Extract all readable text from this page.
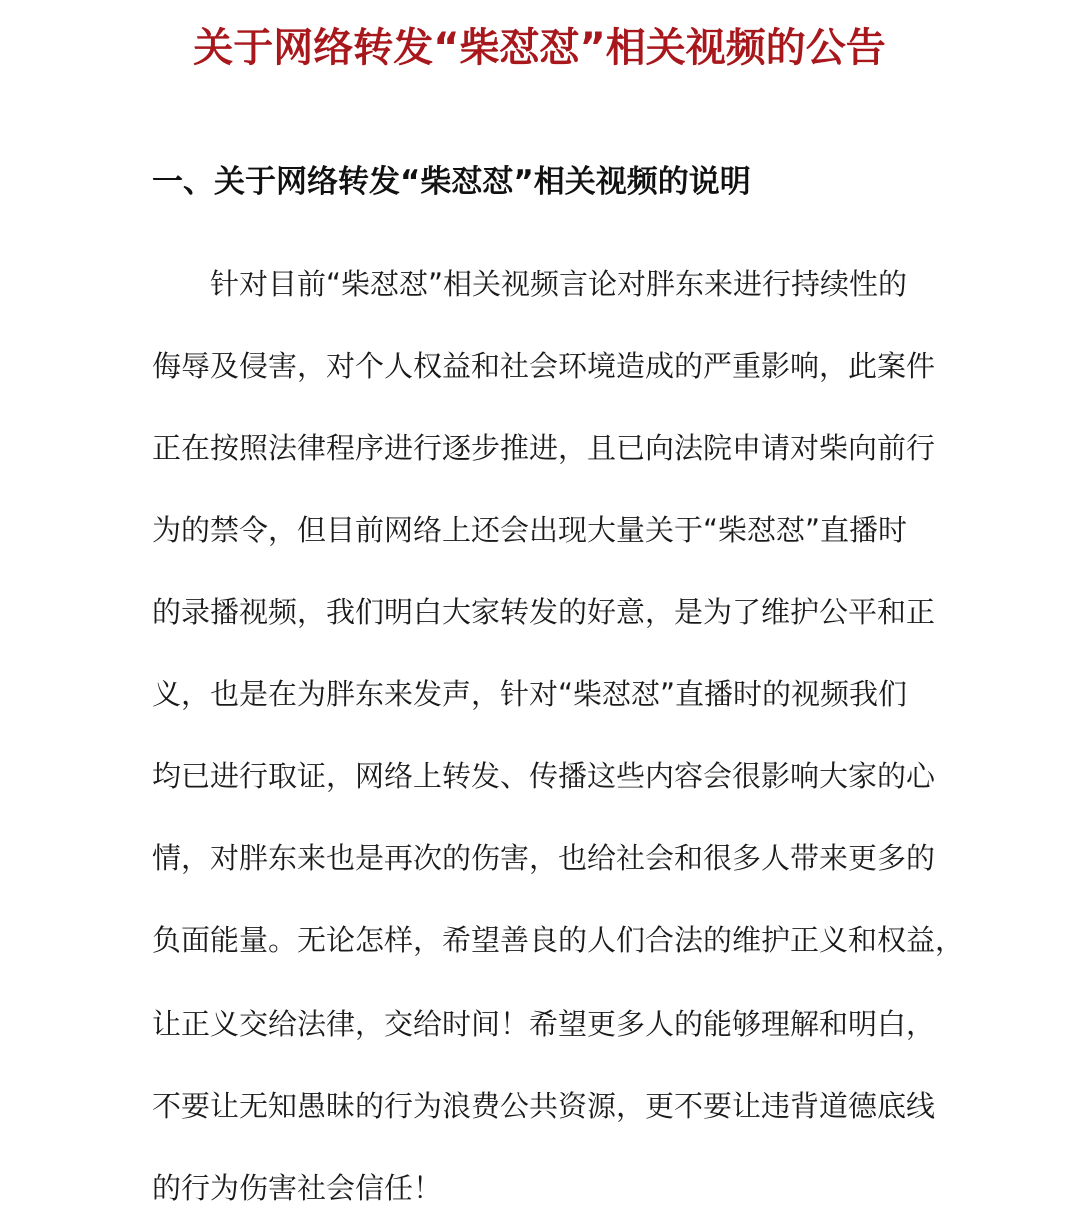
关于网络转发“柴怼怼”相关视频的公告
一、关于网络转发“柴怼怼”相关视频的说明
针对目前“柴怼怼”相关视频言论对胖东来进行持续性的
侮辱及侵害，对个人权益和社会环境造成的严重影响，此案件
正在按照法律程序进行逐步推进，且已向法院申请对柴向前行
为的禁令，但目前网络上还会出现大量关于“柴怼怼”直播时
的录播视频，我们明白大家转发的好意，是为了维护公平和正
义，也是在为胖东来发声，针对“柴怼怼”直播时的视频我们
均已进行取证，网络上转发、传播这些内容会很影响大家的心
情，对胖东来也是再次的伤害，也给社会和很多人带来更多的
负面能量。无论怎样，希望善良的人们合法的维护正义和权益，
让正义交给法律，交给时间！希望更多人的能够理解和明白，
不要让无知愚昧的行为浪费公共资源，更不要让违背道德底线
的行为伤害社会信任！
